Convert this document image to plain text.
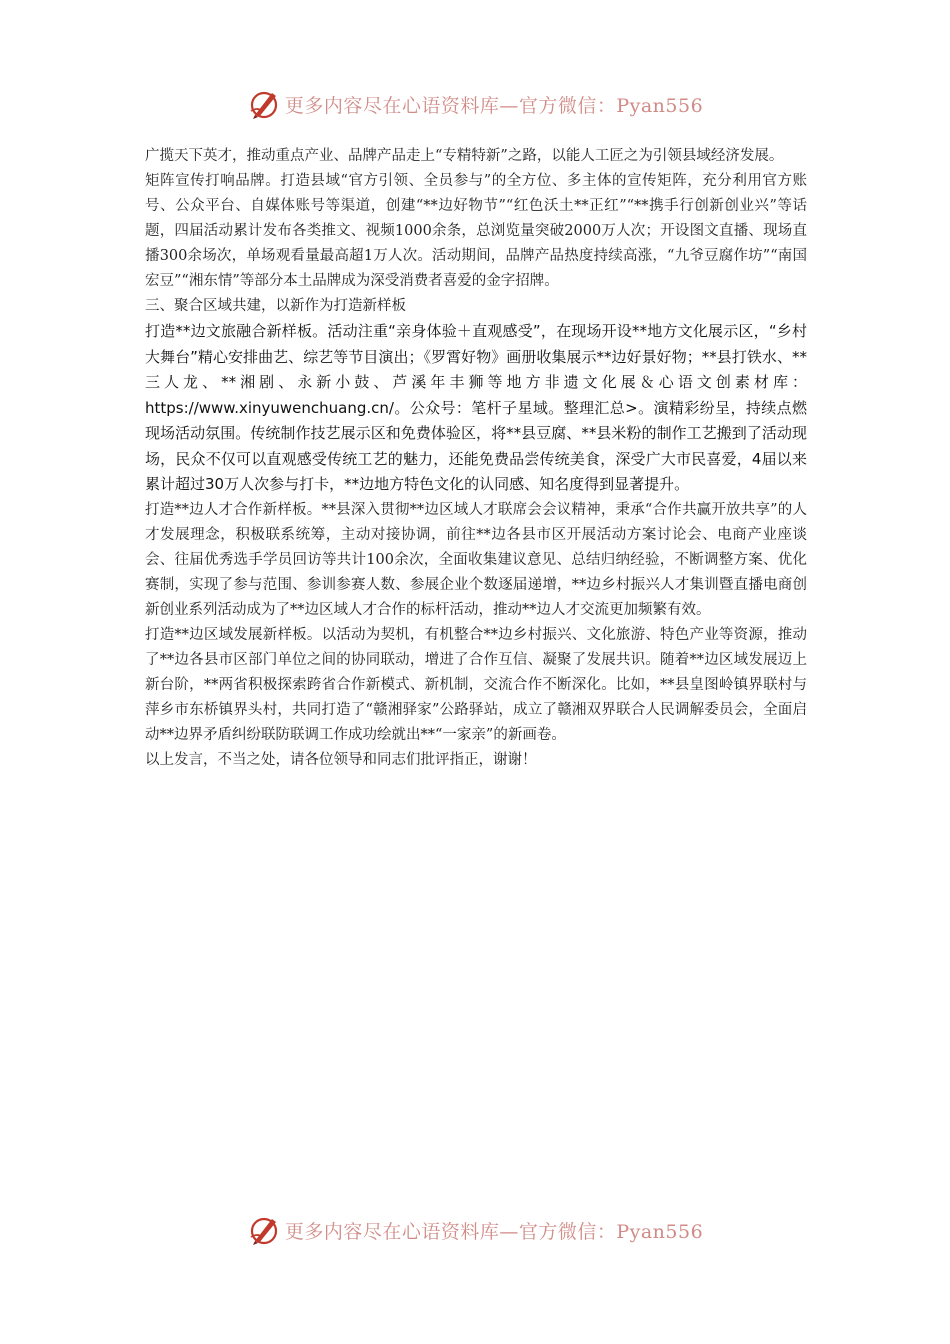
更多内容尽在心语资料库—官方微信：Pyan556

广揽天下英才，推动重点产业、品牌产品走上“专精特新”之路，以能人工匠之为引领县域经济发展。

矩阵宣传打响品牌。打造县域“官方引领、全员参与”的全方位、多主体的宣传矩阵，充分利用官方账号、公众平台、自媒体账号等渠道，创建“**边好物节”“红色沃土**正红”“**携手行创新创业兴”等话题，四届活动累计发布各类推文、视频1000余条，总浏览量突破2000万人次；开设图文直播、现场直播300余场次，单场观看量最高超1万人次。活动期间，品牌产品热度持续高涨，“九爷豆腐作坊”“南国宏豆”“湘东情”等部分本土品牌成为深受消费者喜爱的金字招牌。

三、聚合区域共建，以新作为打造新样板

打造**边文旅融合新样板。活动注重“亲身体验＋直观感受”，在现场开设**地方文化展示区，“乡村大舞台”精心安排曲艺、综艺等节目演出；《罗霄好物》画册收集展示**边好景好物；**县打铁水、**三人龙、**湘剧、永新小鼓、芦溪年丰狮等地方非遗文化展＆心语文创素材库：https://www.xinyuwenchuang.cn/。公众号：笔杆子星域。整理汇总>。演精彩纷呈，持续点燃现场活动氛围。传统制作技艺展示区和免费体验区，将**县豆腐、**县米粉的制作工艺搬到了活动现场，民众不仅可以直观感受传统工艺的魅力，还能免费品尝传统美食，深受广大市民喜爱，4届以来累计超过30万人次参与打卡，**边地方特色文化的认同感、知名度得到显著提升。

打造**边人才合作新样板。**县深入贯彻**边区域人才联席会会议精神，秉承“合作共赢开放共享”的人才发展理念，积极联系统筹，主动对接协调，前往**边各县市区开展活动方案讨论会、电商产业座谈会、往届优秀选手学员回访等共计100余次，全面收集建议意见、总结归纳经验，不断调整方案、优化赛制，实现了参与范围、参训参赛人数、参展企业个数逐届递增，**边乡村振兴人才集训暨直播电商创新创业系列活动成为了**边区域人才合作的标杆活动，推动**边人才交流更加频繁有效。

打造**边区域发展新样板。以活动为契机，有机整合**边乡村振兴、文化旅游、特色产业等资源，推动了**边各县市区部门单位之间的协同联动，增进了合作互信、凝聚了发展共识。随着**边区域发展迈上新台阶，**两省积极探索跨省合作新模式、新机制，交流合作不断深化。比如，**县皇图岭镇界联村与萍乡市东桥镇界头村，共同打造了“赣湘驿家”公路驿站，成立了赣湘双界联合人民调解委员会，全面启动**边界矛盾纠纷联防联调工作成功绘就出**“一家亲”的新画卷。

以上发言，不当之处，请各位领导和同志们批评指正，谢谢！

更多内容尽在心语资料库—官方微信：Pyan556
